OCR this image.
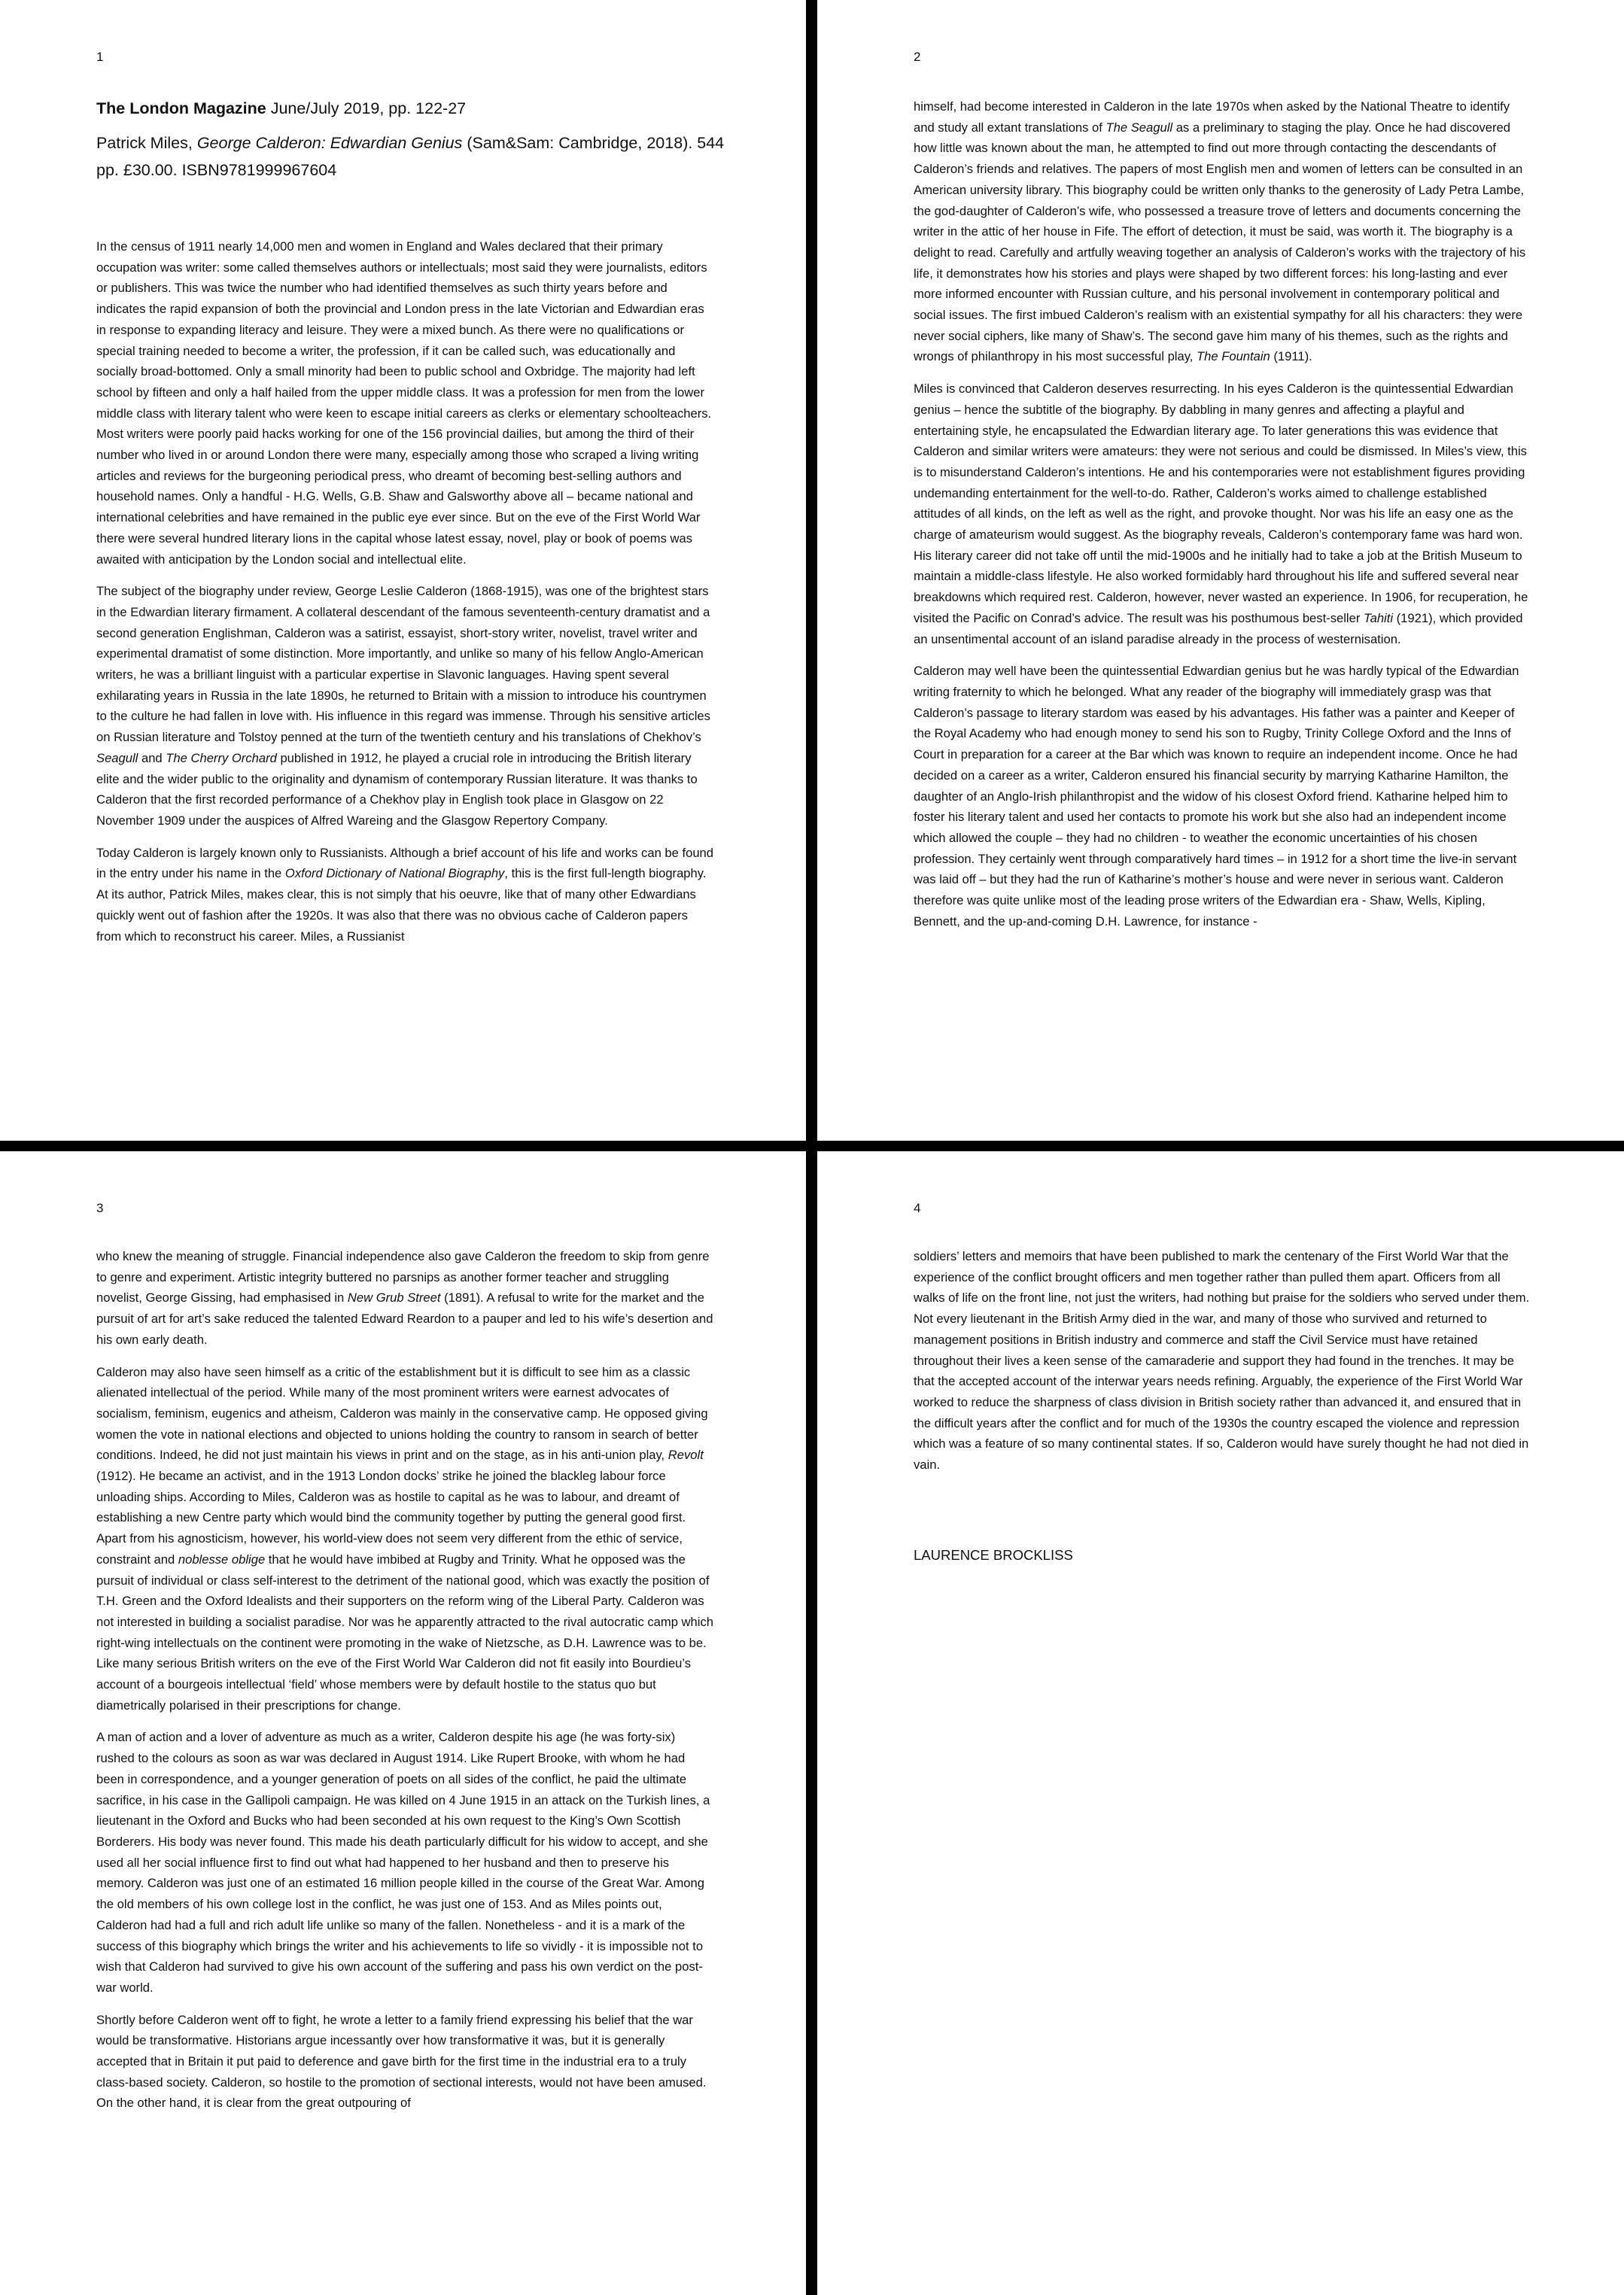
1

The London Magazine June/July 2019, pp. 122-27

Patrick Miles, George Calderon: Edwardian Genius (Sam&Sam: Cambridge, 2018). 544 pp. £30.00. ISBN9781999967604

In the census of 1911 nearly 14,000 men and women in England and Wales declared that their primary occupation was writer: some called themselves authors or intellectuals; most said they were journalists, editors or publishers. This was twice the number who had identified themselves as such thirty years before and indicates the rapid expansion of both the provincial and London press in the late Victorian and Edwardian eras in response to expanding literacy and leisure. They were a mixed bunch. As there were no qualifications or special training needed to become a writer, the profession, if it can be called such, was educationally and socially broad-bottomed. Only a small minority had been to public school and Oxbridge. The majority had left school by fifteen and only a half hailed from the upper middle class. It was a profession for men from the lower middle class with literary talent who were keen to escape initial careers as clerks or elementary schoolteachers. Most writers were poorly paid hacks working for one of the 156 provincial dailies, but among the third of their number who lived in or around London there were many, especially among those who scraped a living writing articles and reviews for the burgeoning periodical press, who dreamt of becoming best-selling authors and household names. Only a handful - H.G. Wells, G.B. Shaw and Galsworthy above all – became national and international celebrities and have remained in the public eye ever since. But on the eve of the First World War there were several hundred literary lions in the capital whose latest essay, novel, play or book of poems was awaited with anticipation by the London social and intellectual elite.

The subject of the biography under review, George Leslie Calderon (1868-1915), was one of the brightest stars in the Edwardian literary firmament. A collateral descendant of the famous seventeenth-century dramatist and a second generation Englishman, Calderon was a satirist, essayist, short-story writer, novelist, travel writer and experimental dramatist of some distinction. More importantly, and unlike so many of his fellow Anglo-American writers, he was a brilliant linguist with a particular expertise in Slavonic languages. Having spent several exhilarating years in Russia in the late 1890s, he returned to Britain with a mission to introduce his countrymen to the culture he had fallen in love with. His influence in this regard was immense. Through his sensitive articles on Russian literature and Tolstoy penned at the turn of the twentieth century and his translations of Chekhov’s Seagull and The Cherry Orchard published in 1912, he played a crucial role in introducing the British literary elite and the wider public to the originality and dynamism of contemporary Russian literature. It was thanks to Calderon that the first recorded performance of a Chekhov play in English took place in Glasgow on 22 November 1909 under the auspices of Alfred Wareing and the Glasgow Repertory Company.

Today Calderon is largely known only to Russianists. Although a brief account of his life and works can be found in the entry under his name in the Oxford Dictionary of National Biography, this is the first full-length biography. At its author, Patrick Miles, makes clear, this is not simply that his oeuvre, like that of many other Edwardians quickly went out of fashion after the 1920s. It was also that there was no obvious cache of Calderon papers from which to reconstruct his career. Miles, a Russianist

2

himself, had become interested in Calderon in the late 1970s when asked by the National Theatre to identify and study all extant translations of The Seagull as a preliminary to staging the play. Once he had discovered how little was known about the man, he attempted to find out more through contacting the descendants of Calderon’s friends and relatives. The papers of most English men and women of letters can be consulted in an American university library. This biography could be written only thanks to the generosity of Lady Petra Lambe, the god-daughter of Calderon’s wife, who possessed a treasure trove of letters and documents concerning the writer in the attic of her house in Fife. The effort of detection, it must be said, was worth it. The biography is a delight to read. Carefully and artfully weaving together an analysis of Calderon’s works with the trajectory of his life, it demonstrates how his stories and plays were shaped by two different forces: his long-lasting and ever more informed encounter with Russian culture, and his personal involvement in contemporary political and social issues. The first imbued Calderon’s realism with an existential sympathy for all his characters: they were never social ciphers, like many of Shaw’s. The second gave him many of his themes, such as the rights and wrongs of philanthropy in his most successful play, The Fountain (1911).

Miles is convinced that Calderon deserves resurrecting. In his eyes Calderon is the quintessential Edwardian genius – hence the subtitle of the biography. By dabbling in many genres and affecting a playful and entertaining style, he encapsulated the Edwardian literary age. To later generations this was evidence that Calderon and similar writers were amateurs: they were not serious and could be dismissed. In Miles’s view, this is to misunderstand Calderon’s intentions. He and his contemporaries were not establishment figures providing undemanding entertainment for the well-to-do. Rather, Calderon’s works aimed to challenge established attitudes of all kinds, on the left as well as the right, and provoke thought. Nor was his life an easy one as the charge of amateurism would suggest. As the biography reveals, Calderon’s contemporary fame was hard won. His literary career did not take off until the mid-1900s and he initially had to take a job at the British Museum to maintain a middle-class lifestyle. He also worked formidably hard throughout his life and suffered several near breakdowns which required rest. Calderon, however, never wasted an experience. In 1906, for recuperation, he visited the Pacific on Conrad’s advice. The result was his posthumous best-seller Tahiti (1921), which provided an unsentimental account of an island paradise already in the process of westernisation.

Calderon may well have been the quintessential Edwardian genius but he was hardly typical of the Edwardian writing fraternity to which he belonged. What any reader of the biography will immediately grasp was that Calderon’s passage to literary stardom was eased by his advantages. His father was a painter and Keeper of the Royal Academy who had enough money to send his son to Rugby, Trinity College Oxford and the Inns of Court in preparation for a career at the Bar which was known to require an independent income. Once he had decided on a career as a writer, Calderon ensured his financial security by marrying Katharine Hamilton, the daughter of an Anglo-Irish philanthropist and the widow of his closest Oxford friend. Katharine helped him to foster his literary talent and used her contacts to promote his work but she also had an independent income which allowed the couple – they had no children - to weather the economic uncertainties of his chosen profession. They certainly went through comparatively hard times – in 1912 for a short time the live-in servant was laid off – but they had the run of Katharine’s mother’s house and were never in serious want. Calderon therefore was quite unlike most of the leading prose writers of the Edwardian era - Shaw, Wells, Kipling, Bennett, and the up-and-coming D.H. Lawrence, for instance -

3

who knew the meaning of struggle. Financial independence also gave Calderon the freedom to skip from genre to genre and experiment. Artistic integrity buttered no parsnips as another former teacher and struggling novelist, George Gissing, had emphasised in New Grub Street (1891). A refusal to write for the market and the pursuit of art for art’s sake reduced the talented Edward Reardon to a pauper and led to his wife’s desertion and his own early death.

Calderon may also have seen himself as a critic of the establishment but it is difficult to see him as a classic alienated intellectual of the period. While many of the most prominent writers were earnest advocates of socialism, feminism, eugenics and atheism, Calderon was mainly in the conservative camp. He opposed giving women the vote in national elections and objected to unions holding the country to ransom in search of better conditions. Indeed, he did not just maintain his views in print and on the stage, as in his anti-union play, Revolt (1912). He became an activist, and in the 1913 London docks’ strike he joined the blackleg labour force unloading ships. According to Miles, Calderon was as hostile to capital as he was to labour, and dreamt of establishing a new Centre party which would bind the community together by putting the general good first. Apart from his agnosticism, however, his world-view does not seem very different from the ethic of service, constraint and noblesse oblige that he would have imbibed at Rugby and Trinity. What he opposed was the pursuit of individual or class self-interest to the detriment of the national good, which was exactly the position of T.H. Green and the Oxford Idealists and their supporters on the reform wing of the Liberal Party. Calderon was not interested in building a socialist paradise. Nor was he apparently attracted to the rival autocratic camp which right-wing intellectuals on the continent were promoting in the wake of Nietzsche, as D.H. Lawrence was to be. Like many serious British writers on the eve of the First World War Calderon did not fit easily into Bourdieu’s account of a bourgeois intellectual ‘field’ whose members were by default hostile to the status quo but diametrically polarised in their prescriptions for change.

A man of action and a lover of adventure as much as a writer, Calderon despite his age (he was forty-six) rushed to the colours as soon as war was declared in August 1914. Like Rupert Brooke, with whom he had been in correspondence, and a younger generation of poets on all sides of the conflict, he paid the ultimate sacrifice, in his case in the Gallipoli campaign. He was killed on 4 June 1915 in an attack on the Turkish lines, a lieutenant in the Oxford and Bucks who had been seconded at his own request to the King’s Own Scottish Borderers. His body was never found. This made his death particularly difficult for his widow to accept, and she used all her social influence first to find out what had happened to her husband and then to preserve his memory. Calderon was just one of an estimated 16 million people killed in the course of the Great War. Among the old members of his own college lost in the conflict, he was just one of 153. And as Miles points out, Calderon had had a full and rich adult life unlike so many of the fallen. Nonetheless - and it is a mark of the success of this biography which brings the writer and his achievements to life so vividly - it is impossible not to wish that Calderon had survived to give his own account of the suffering and pass his own verdict on the post-war world.

Shortly before Calderon went off to fight, he wrote a letter to a family friend expressing his belief that the war would be transformative. Historians argue incessantly over how transformative it was, but it is generally accepted that in Britain it put paid to deference and gave birth for the first time in the industrial era to a truly class-based society. Calderon, so hostile to the promotion of sectional interests, would not have been amused. On the other hand, it is clear from the great outpouring of

4

soldiers’ letters and memoirs that have been published to mark the centenary of the First World War that the experience of the conflict brought officers and men together rather than pulled them apart. Officers from all walks of life on the front line, not just the writers, had nothing but praise for the soldiers who served under them. Not every lieutenant in the British Army died in the war, and many of those who survived and returned to management positions in British industry and commerce and staff the Civil Service must have retained throughout their lives a keen sense of the camaraderie and support they had found in the trenches. It may be that the accepted account of the interwar years needs refining. Arguably, the experience of the First World War worked to reduce the sharpness of class division in British society rather than advanced it, and ensured that in the difficult years after the conflict and for much of the 1930s the country escaped the violence and repression which was a feature of so many continental states. If so, Calderon would have surely thought he had not died in vain.

LAURENCE BROCKLISS
